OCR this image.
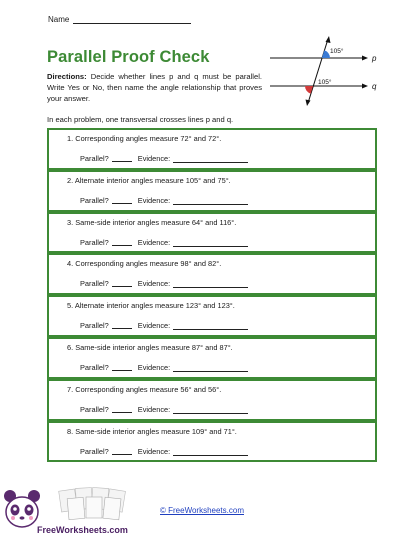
Name
Parallel Proof Check
Directions: Decide whether lines p and q must be parallel. Write Yes or No, then name the angle relationship that proves your answer.
In each problem, one transversal crosses lines p and q.
105°
105°
p
q
1. Corresponding angles measure 72° and 72°.
Parallel?	Evidence:
2. Alternate interior angles measure 105° and 75°.
Parallel?	Evidence:
3. Same-side interior angles measure 64° and 116°.
Parallel?	Evidence:
4. Corresponding angles measure 98° and 82°.
Parallel?	Evidence:
5. Alternate interior angles measure 123° and 123°.
Parallel?	Evidence:
6. Same-side interior angles measure 87° and 87°.
Parallel?	Evidence:
7. Corresponding angles measure 56° and 56°.
Parallel?	Evidence:
8. Same-side interior angles measure 109° and 71°.
Parallel?	Evidence:
FreeWorksheets.com
© FreeWorksheets.com
